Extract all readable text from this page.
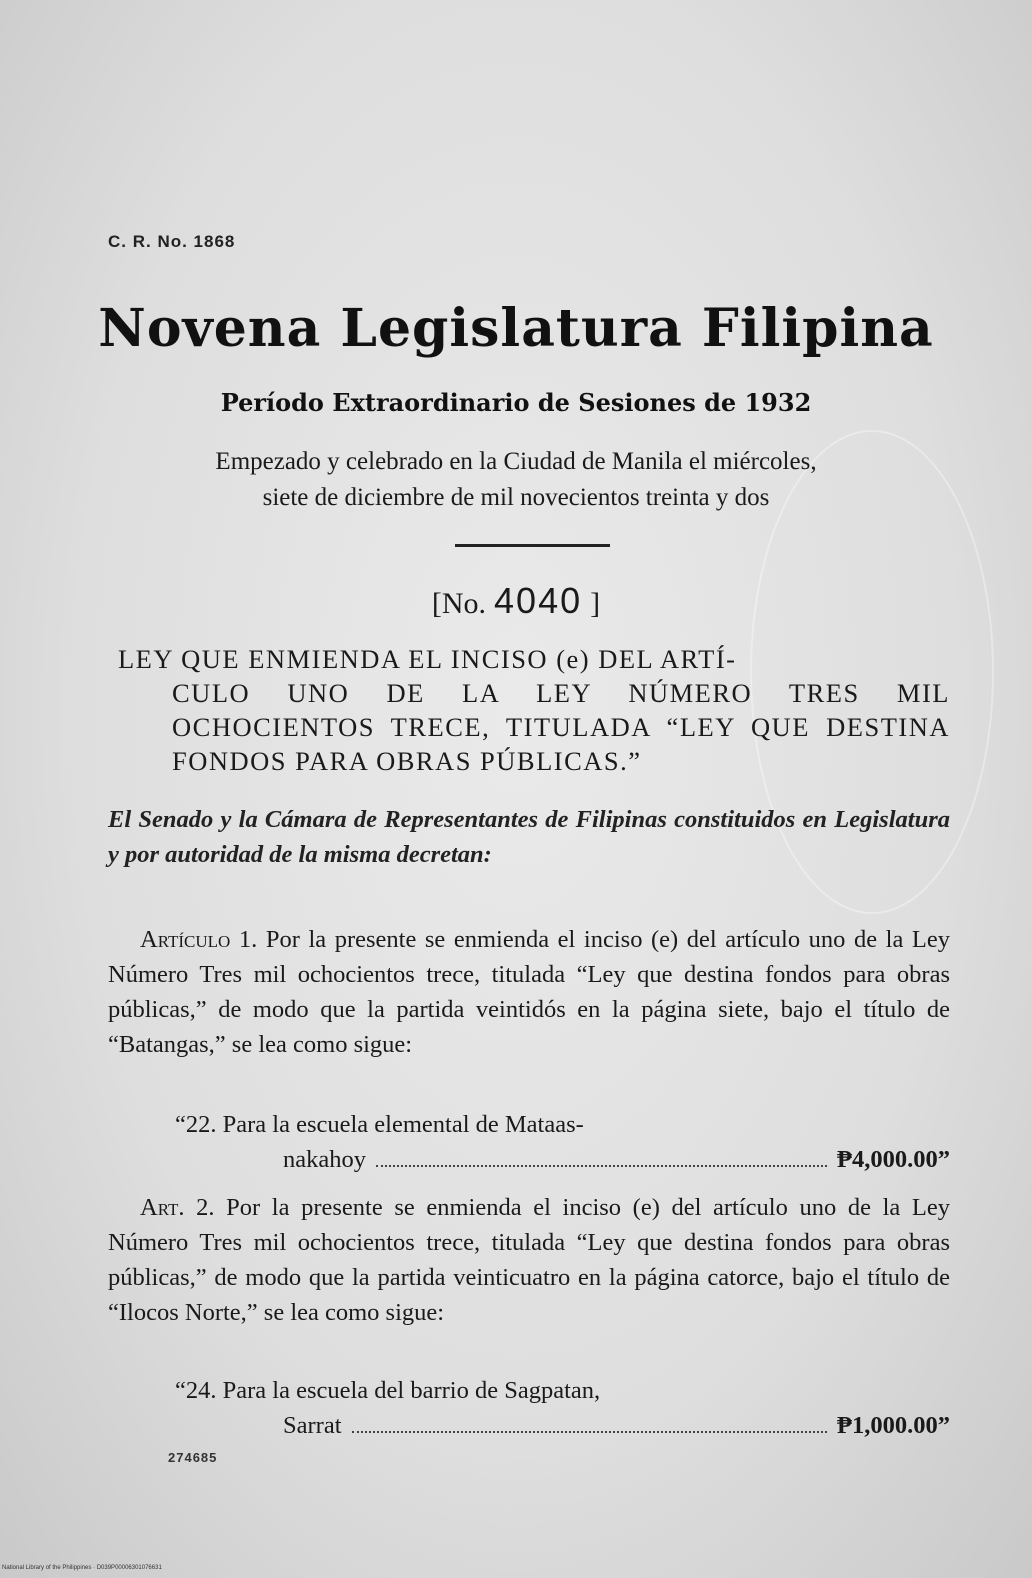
C. R. No. 1868
Novena Legislatura Filipina
Período Extraordinario de Sesiones de 1932
Empezado y celebrado en la Ciudad de Manila el miércoles,
siete de diciembre de mil novecientos treinta y dos
[No. 4040 ]
LEY QUE ENMIENDA EL INCISO (e) DEL ARTÍ-
CULO UNO DE LA LEY NÚMERO TRES MIL OCHOCIENTOS TRECE, TITULADA “LEY QUE DESTINA FONDOS PARA OBRAS PÚBLICAS.”
El Senado y la Cámara de Representantes de Filipinas constituidos en Legislatura y por autoridad de la misma decretan:
Artículo 1. Por la presente se enmienda el inciso (e) del artículo uno de la Ley Número Tres mil ochocientos trece, titulada “Ley que destina fondos para obras públicas,” de modo que la partida veintidós en la página siete, bajo el título de “Batangas,” se lea como sigue:
“22. Para la escuela elemental de Mataas-
nakahoy	₱4,000.00”
Art. 2. Por la presente se enmienda el inciso (e) del artículo uno de la Ley Número Tres mil ochocientos trece, titulada “Ley que destina fondos para obras públicas,” de modo que la partida veinticuatro en la página catorce, bajo el título de “Ilocos Norte,” se lea como sigue:
“24. Para la escuela del barrio de Sagpatan,
Sarrat	₱1,000.00”
274685
National Library of the Philippines · D039P00006301076631
